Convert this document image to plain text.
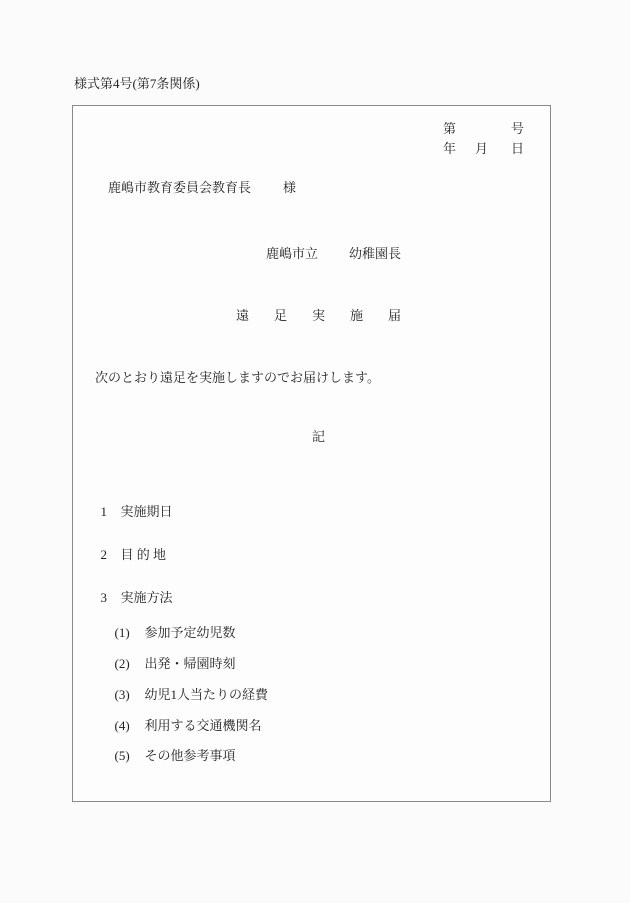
様式第4号(第7条関係)

第

	号

年

月

日

鹿嶋市教育委員会教育長

様

鹿嶋市立

幼稚園長

遠足実施届
次のとおり遠足を実施しますのでお届けします。
記

1 実施期日

2 目 的 地

3 実施方法

(1) 参加予定幼児数

(2) 出発・帰園時刻

(3) 幼児1人当たりの経費

(4) 利用する交通機関名

(5) その他参考事項
